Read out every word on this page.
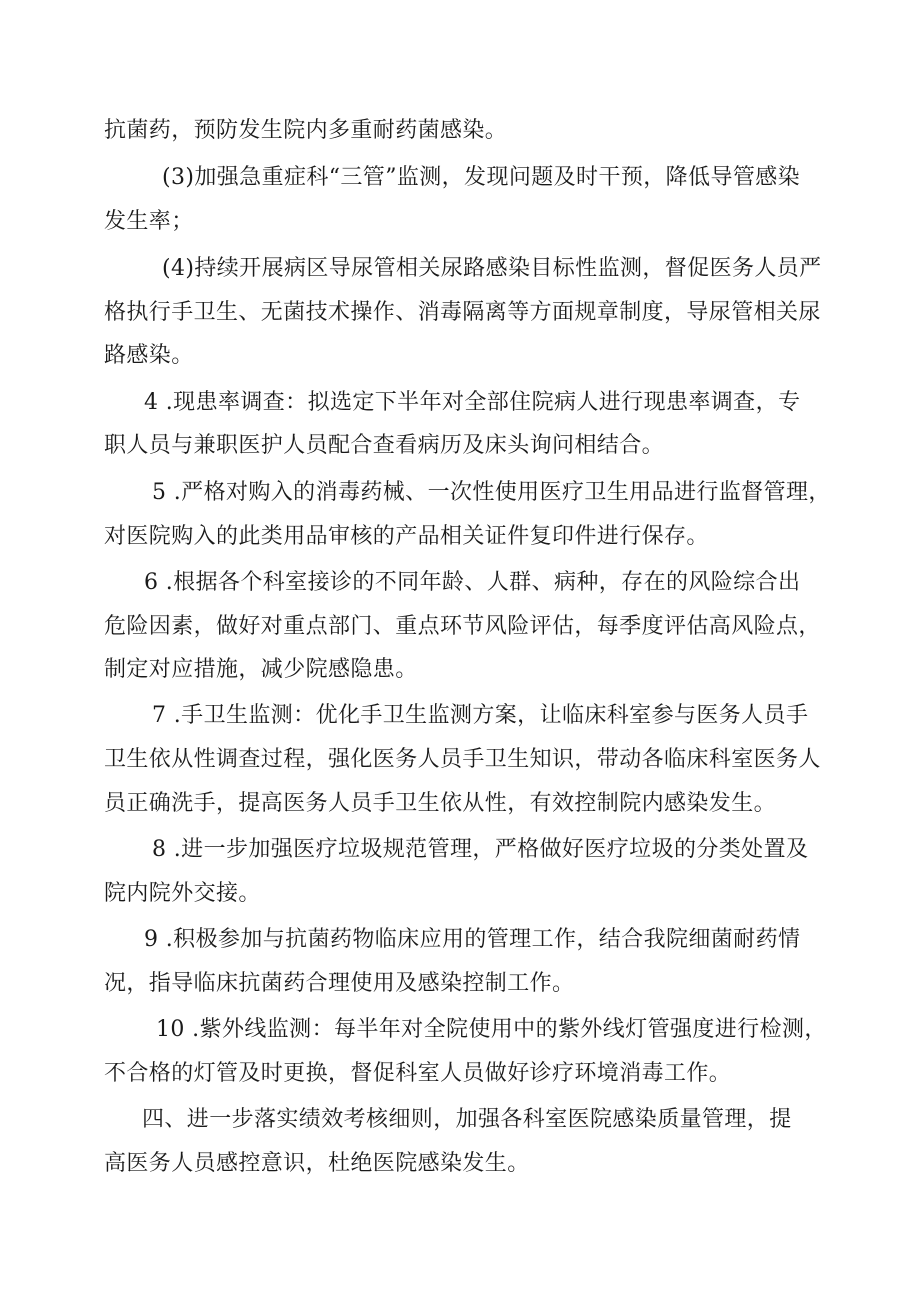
抗菌药，预防发生院内多重耐药菌感染。
(3)加强急重症科“三管”监测，发现问题及时干预，降低导管感染
发生率；
(4)持续开展病区导尿管相关尿路感染目标性监测，督促医务人员严
格执行手卫生、无菌技术操作、消毒隔离等方面规章制度，导尿管相关尿
路感染。
4 .现患率调查：拟选定下半年对全部住院病人进行现患率调查，专
职人员与兼职医护人员配合查看病历及床头询问相结合。
5 .严格对购入的消毒药械、一次性使用医疗卫生用品进行监督管理，
对医院购入的此类用品审核的产品相关证件复印件进行保存。
6 .根据各个科室接诊的不同年龄、人群、病种，存在的风险综合出
危险因素，做好对重点部门、重点环节风险评估，每季度评估高风险点，
制定对应措施，减少院感隐患。
7 .手卫生监测：优化手卫生监测方案，让临床科室参与医务人员手
卫生依从性调查过程，强化医务人员手卫生知识，带动各临床科室医务人
员正确洗手，提高医务人员手卫生依从性，有效控制院内感染发生。
8 .进一步加强医疗垃圾规范管理，严格做好医疗垃圾的分类处置及
院内院外交接。
9 .积极参加与抗菌药物临床应用的管理工作，结合我院细菌耐药情
况，指导临床抗菌药合理使用及感染控制工作。
10 .紫外线监测：每半年对全院使用中的紫外线灯管强度进行检测，
不合格的灯管及时更换，督促科室人员做好诊疗环境消毒工作。
四、进一步落实绩效考核细则，加强各科室医院感染质量管理，提
高医务人员感控意识，杜绝医院感染发生。
